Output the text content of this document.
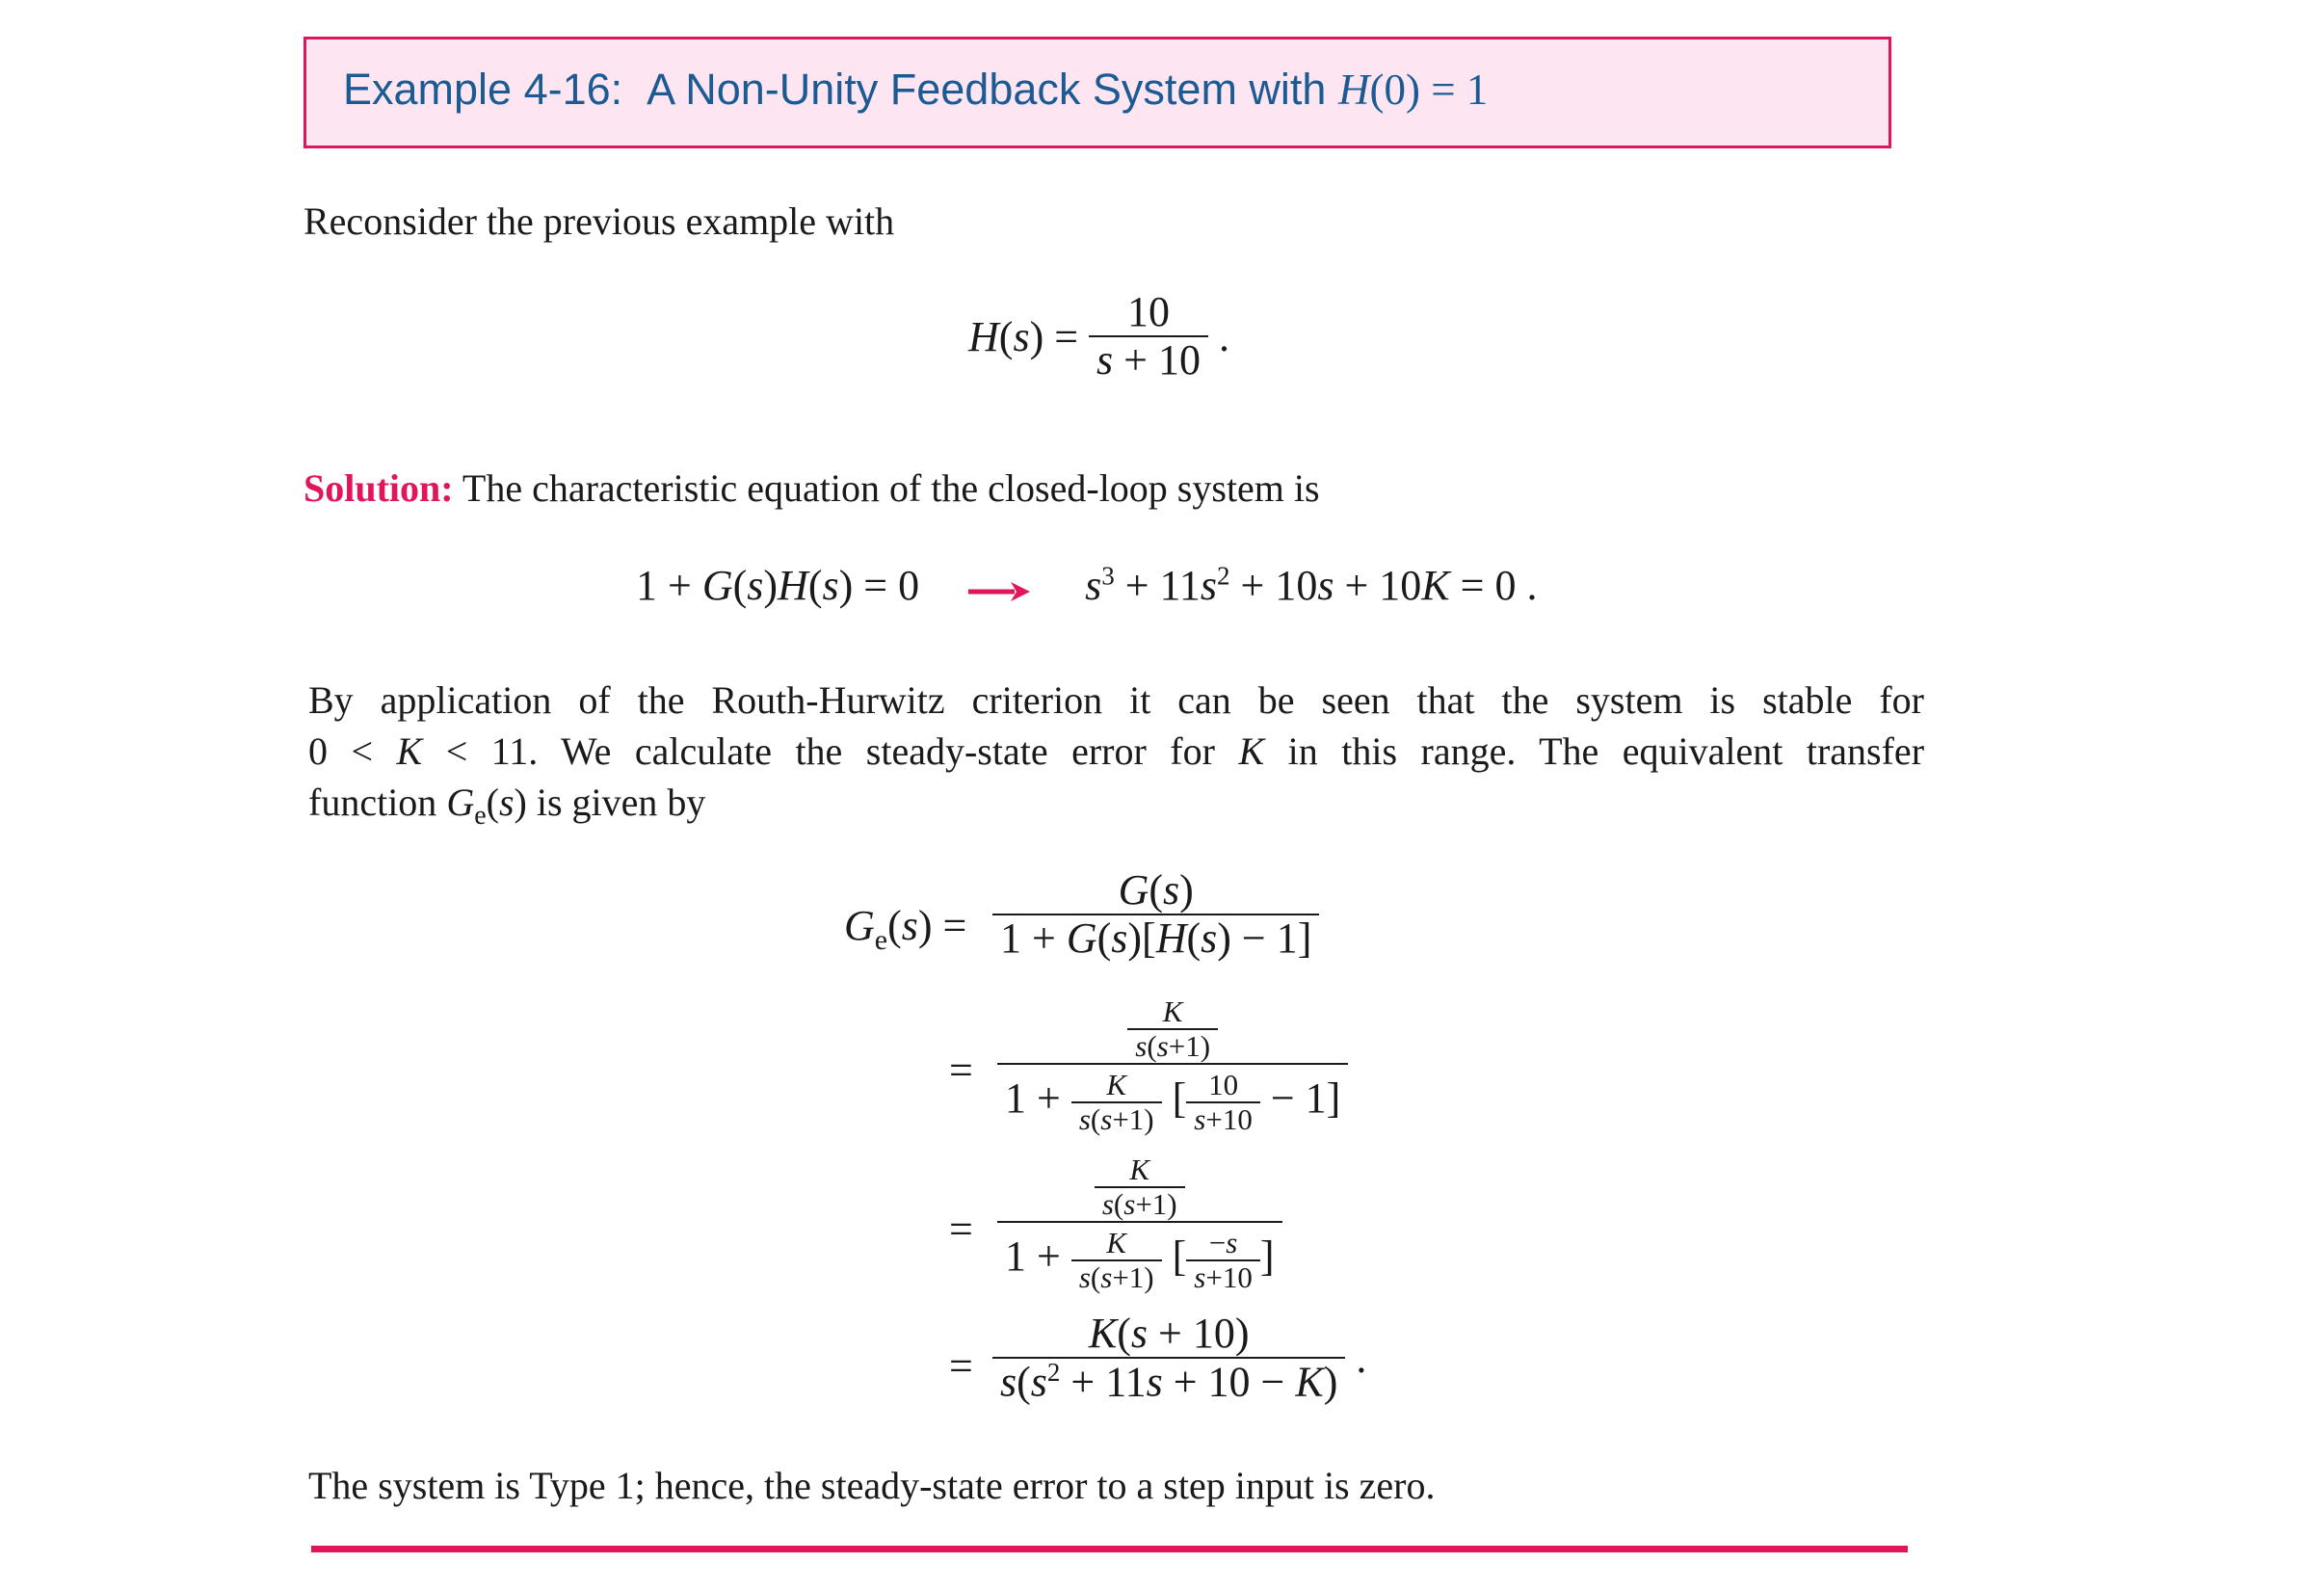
Example 4-16: A Non-Unity Feedback System with H(0) = 1
Reconsider the previous example with
$H(s) = \frac{10}{s + 10}$ .
Solution: The characteristic equation of the closed-loop system is
1 + G(s)H(s) = 0	$s^3 + 11s^2 + 10s + 10K = 0$ .
By application of the Routh-Hurwitz criterion it can be seen that the system is stable for
0 < K < 11. We calculate the steady-state error for K in this range. The equivalent transfer
function $G_e(s)$ is given by
$G_e(s) = \frac{G(s)}{1 + G(s)[H(s) - 1]}$
= $\frac{\frac{K}{s(s+1)}}{1 + \frac{K}{s(s+1)} [ \frac{10}{s+10} - 1]}$
= $\frac{\frac{K}{s(s+1)}}{1 + \frac{K}{s(s+1)} [ \frac{-s}{s+10} ]}$
= $\frac{K(s + 10)}{s(s^2 + 11s + 10 - K)}$ .
The system is Type 1; hence, the steady-state error to a step input is zero.
